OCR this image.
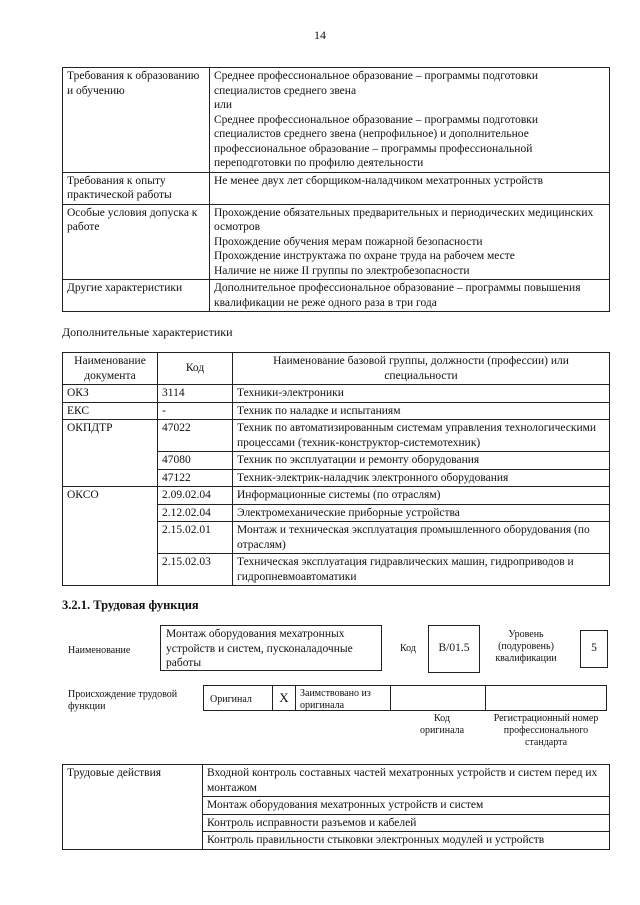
14
Требования к образованию и обучению	Среднее профессиональное образование – программы подготовки специалистов среднего звена
или
Среднее профессиональное образование – программы подготовки специалистов среднего звена (непрофильное) и дополнительное профессиональное образование – программы профессиональной переподготовки по профилю деятельности

Требования к опыту практической работы	Не менее двух лет сборщиком-наладчиком мехатронных устройств

Особые условия допуска к работе	Прохождение обязательных предварительных и периодических медицинских осмотров
Прохождение обучения мерам пожарной безопасности
Прохождение инструктажа по охране труда на рабочем месте
Наличие не ниже II группы по электробезопасности

Другие характеристики	Дополнительное профессиональное образование – программы повышения квалификации не реже одного раза в три года
Дополнительные характеристики
Наименование документа	Код	Наименование базовой группы, должности (профессии) или специальности
ОКЗ	3114	Техники-электроники
ЕКС	-	Техник по наладке и испытаниям
ОКПДТР	47022	Техник по автоматизированным системам управления технологическими процессами (техник-конструктор-системотехник)
	47080	Техник по эксплуатации и ремонту оборудования
	47122	Техник-электрик-наладчик электронного оборудования
ОКСО	2.09.02.04	Информационные системы (по отраслям)
	2.12.02.04	Электромеханические приборные устройства
	2.15.02.01	Монтаж и техническая эксплуатация промышленного оборудования (по отраслям)
	2.15.02.03	Техническая эксплуатация гидравлических машин, гидроприводов и гидропневмоавтоматики
3.2.1. Трудовая функция
Наименование
Монтаж оборудования мехатронных устройств и систем, пусконаладочные работы
Код	B/01.5
Уровень (подуровень) квалификации
5
Происхождение трудовой функции
Оригинал	X	Заимствовано из оригинала
Код оригинала
Регистрационный номер профессионального стандарта
Трудовые действия	Входной контроль составных частей мехатронных устройств и систем перед их монтажом
Монтаж оборудования мехатронных устройств и систем
Контроль исправности разъемов и кабелей
Контроль правильности стыковки электронных модулей и устройств
